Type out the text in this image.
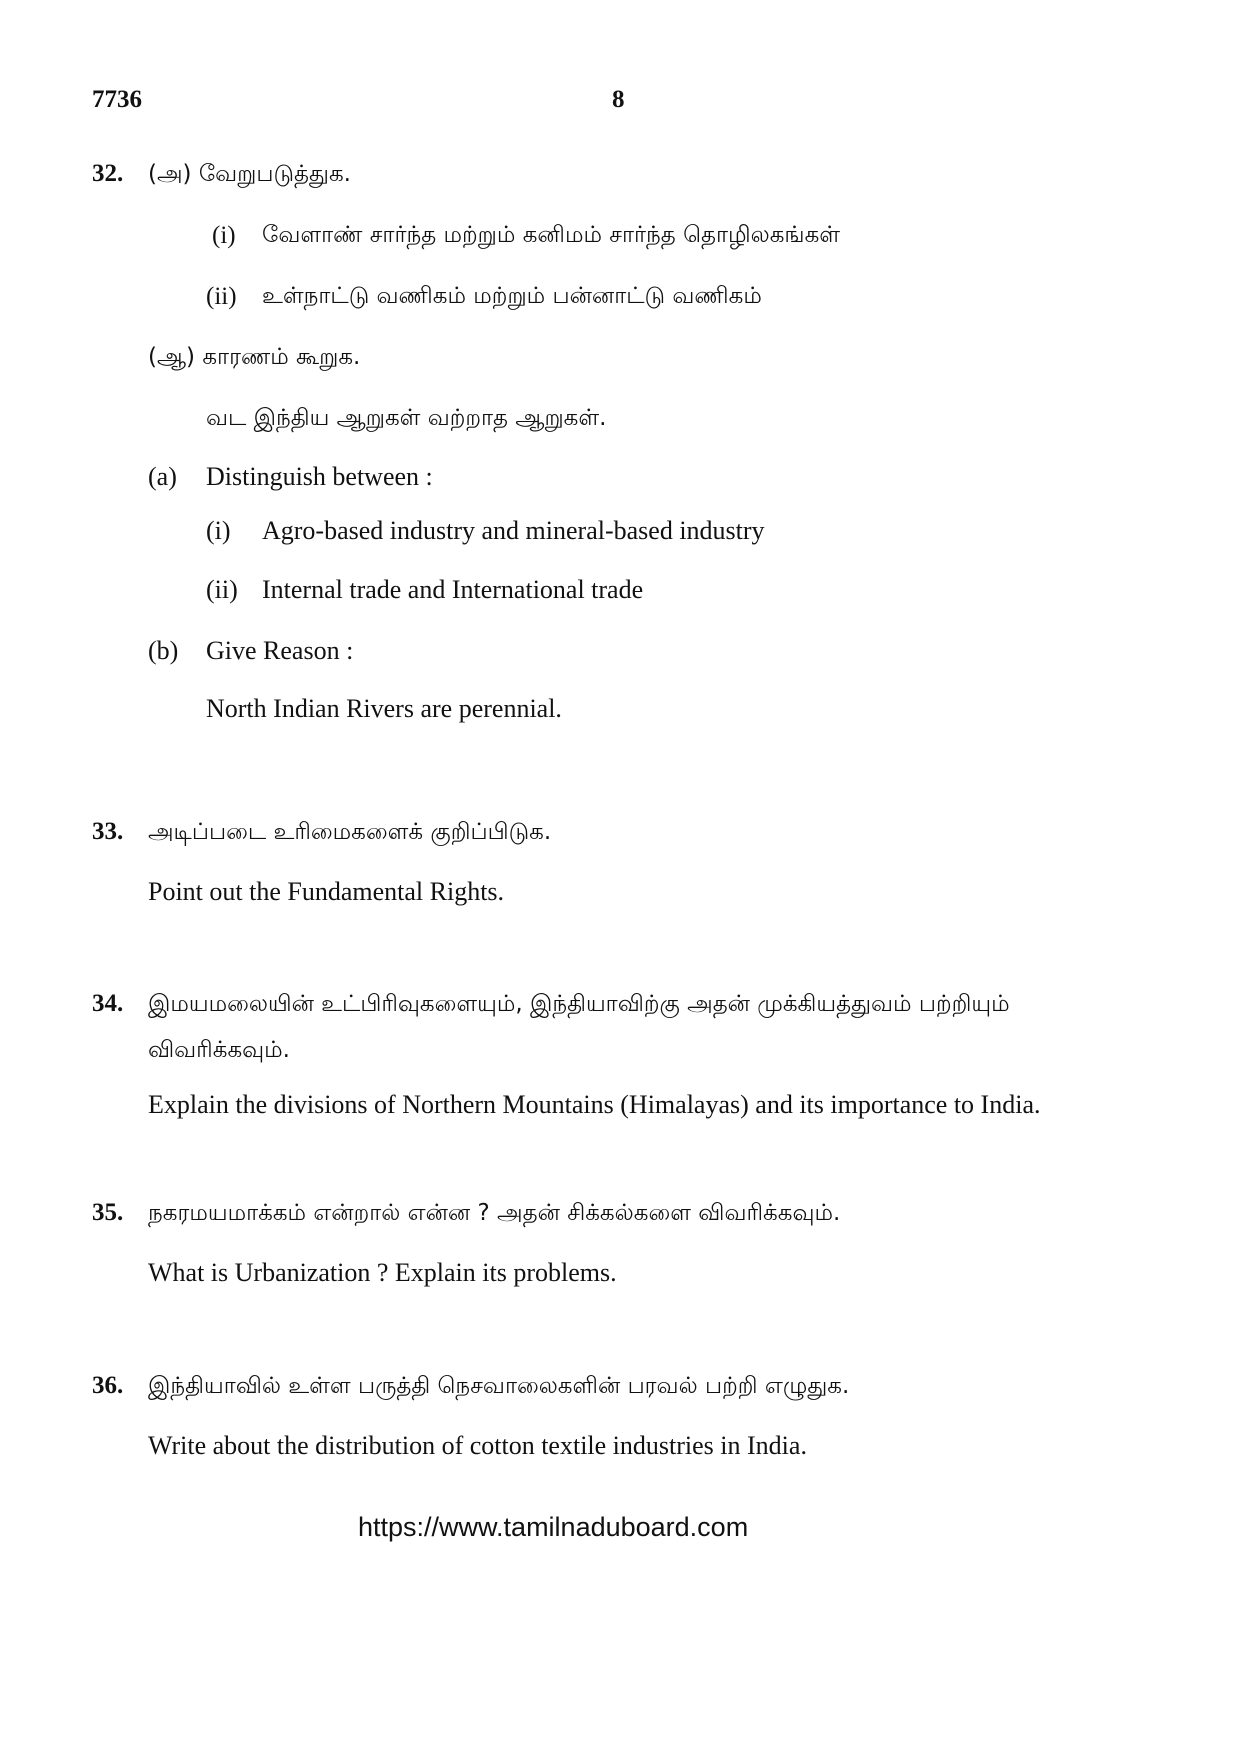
7736	8
32. (அ) வேறுபடுத்துக.
(i) வேளாண் சார்ந்த மற்றும் கனிமம் சார்ந்த தொழிலகங்கள்
(ii) உள்நாட்டு வணிகம் மற்றும் பன்னாட்டு வணிகம்
(ஆ) காரணம் கூறுக.
வட இந்திய ஆறுகள் வற்றாத ஆறுகள்.
(a) Distinguish between :
(i) Agro-based industry and mineral-based industry
(ii) Internal trade and International trade
(b) Give Reason :
North Indian Rivers are perennial.
33. அடிப்படை உரிமைகளைக் குறிப்பிடுக.
Point out the Fundamental Rights.
34. இமயமலையின் உட்பிரிவுகளையும், இந்தியாவிற்கு அதன் முக்கியத்துவம் பற்றியும்
விவரிக்கவும்.
Explain the divisions of Northern Mountains (Himalayas) and its importance to India.
35. நகரமயமாக்கம் என்றால் என்ன ? அதன் சிக்கல்களை விவரிக்கவும்.
What is Urbanization ? Explain its problems.
36. இந்தியாவில் உள்ள பருத்தி நெசவாலைகளின் பரவல் பற்றி எழுதுக.
Write about the distribution of cotton textile industries in India.
https://www.tamilnaduboard.com
